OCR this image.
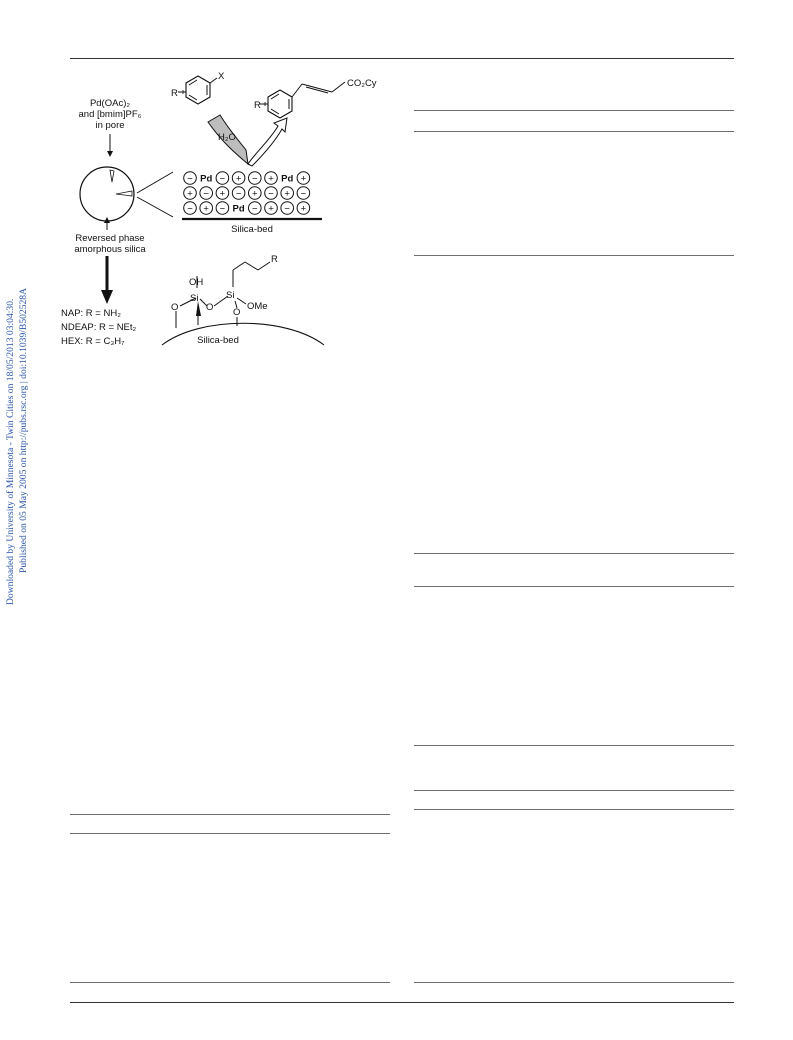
Downloaded by University of Minnesota - Twin Cities on 18/05/2013 03:04:30. Published on 05 May 2005 on http://pubs.rsc.org | doi:10.1039/B502528A
Pd(OAc)₂
and [bmim]PF₆
in pore
Reversed phase
amorphous silica
NAP: R = NH₂
NDEAP: R = NEt₂
HEX: R = C₃H₇
− Pd − + − + Pd +
+ − + − + − + −
− + − Pd − + − +
Silica-bed
X
R
H₂O
R
CO₂Cy
OH
Si	Si
O	O O
OMe
R
Silica-bed
